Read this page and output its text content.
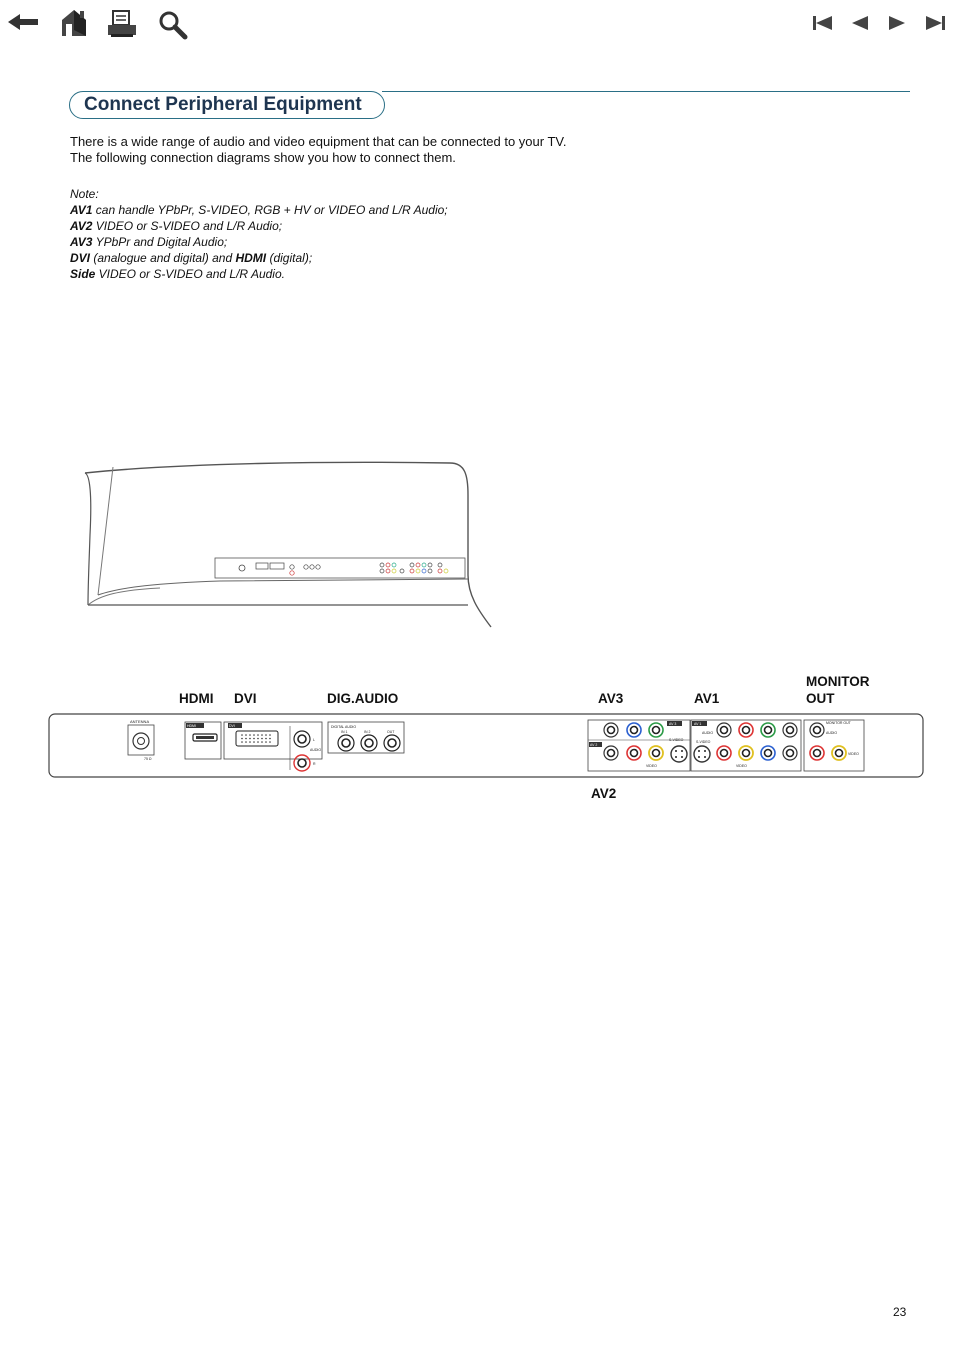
Connect Peripheral Equipment
There is a wide range of audio and video equipment that can be connected to your TV.
The following connection diagrams show you how to connect them.
Note:
AV1 can handle YPbPr, S-VIDEO, RGB + HV or VIDEO and L/R Audio;
AV2 VIDEO or S-VIDEO and L/R Audio;
AV3 YPbPr and Digital Audio;
DVI (analogue and digital) and HDMI (digital);
Side VIDEO or S-VIDEO and L/R Audio.
HDMI DVI	DIG.AUDIO	AV3	AV1
MONITOR
OUT
AV2
ANTENNA
75 Ω
HDMI	DVI
L
AUDIO
R
DIGITAL AUDIO
IN 1	IN 2	OUT
AV 3
AV 2
S-VIDEO
VIDEO
AV 1
AUDIO
S-VIDEO
VIDEO
MONITOR OUT
AUDIO
VIDEO
23
